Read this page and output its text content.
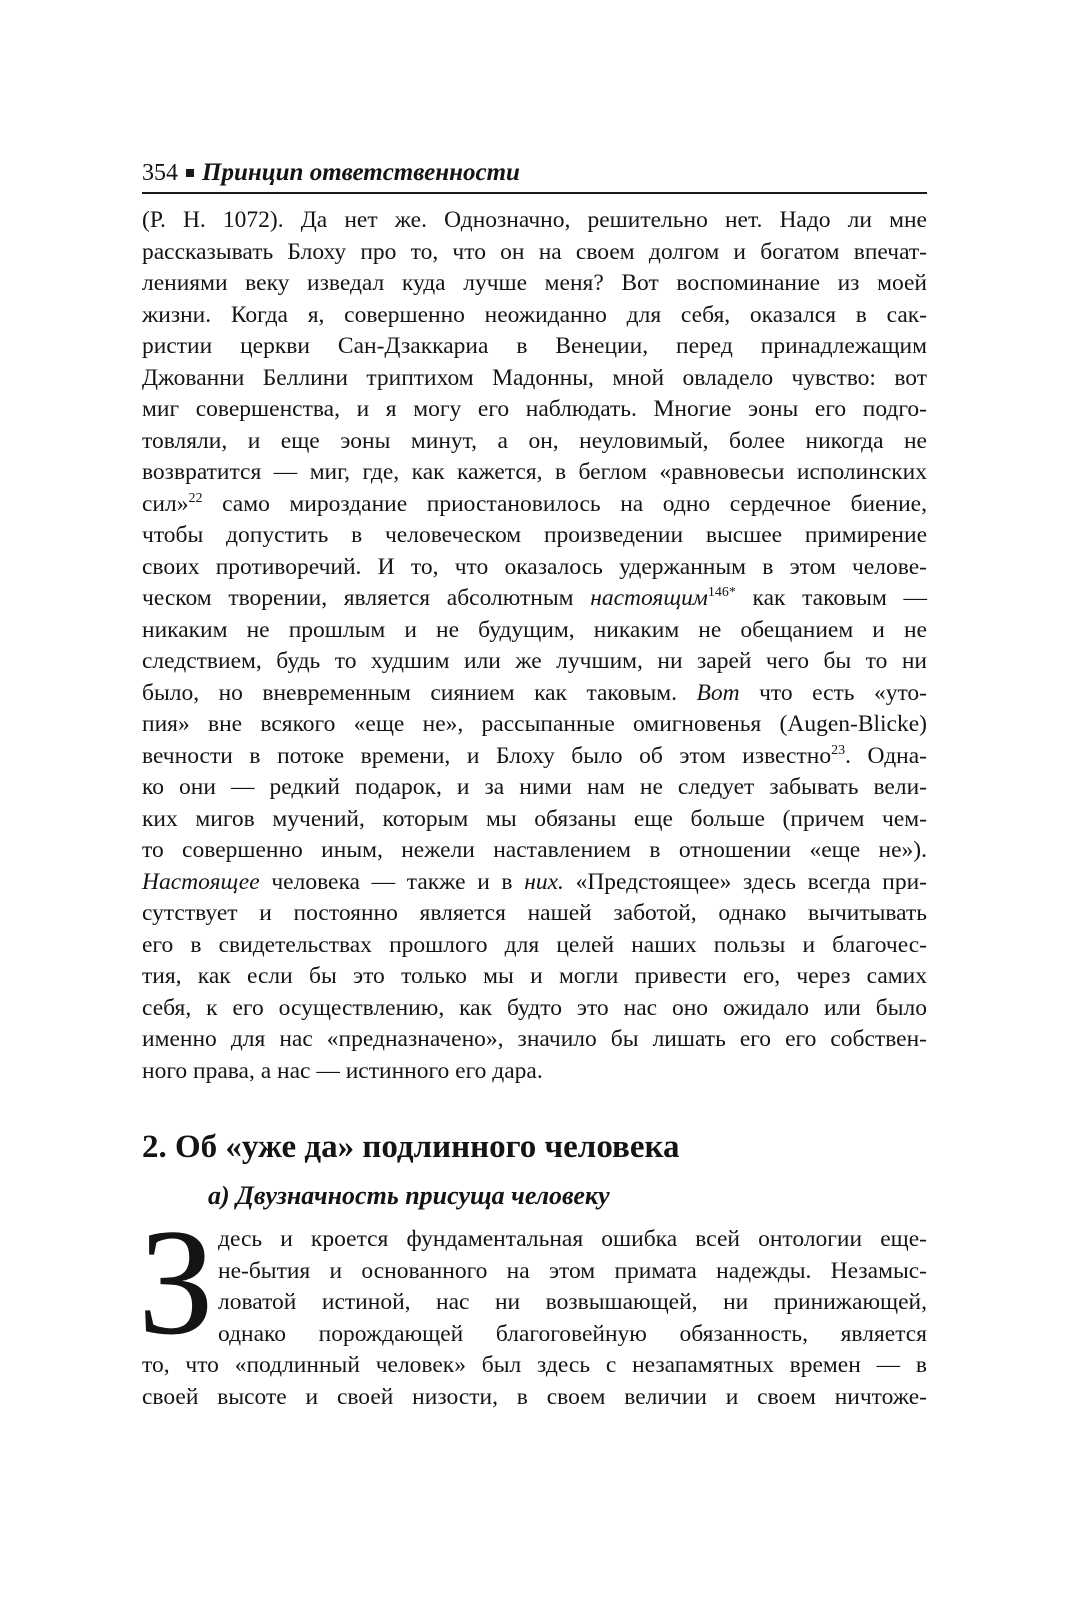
354 Принцип ответственности
(Р. Н. 1072). Да нет же. Однозначно, решительно нет. Надо ли мне
рассказывать Блоху про то, что он на своем долгом и богатом впечат-
лениями веку изведал куда лучше меня? Вот воспоминание из моей
жизни. Когда я, совершенно неожиданно для себя, оказался в сак-
ристии церкви Сан-Дзаккариа в Венеции, перед принадлежащим
Джованни Беллини триптихом Мадонны, мной овладело чувство: вот
миг совершенства, и я могу его наблюдать. Многие эоны его подго-
товляли, и еще эоны минут, а он, неуловимый, более никогда не
возвратится — миг, где, как кажется, в беглом «равновесьи исполинских
сил»$^{22}$ само мироздание приостановилось на одно сердечное биение,
чтобы допустить в человеческом произведении высшее примирение
своих противоречий. И то, что оказалось удержанным в этом челове-
ческом творении, является абсолютным настоящим$^{146*}$ как таковым —
никаким не прошлым и не будущим, никаким не обещанием и не
следствием, будь то худшим или же лучшим, ни зарей чего бы то ни
было, но вневременным сиянием как таковым. Вот что есть «уто-
пия» вне всякого «еще не», рассыпанные омигновенья (Augen-Blicke)
вечности в потоке времени, и Блоху было об этом известно$^{23}$. Одна-
ко они — редкий подарок, и за ними нам не следует забывать вели-
ких мигов мучений, которым мы обязаны еще больше (причем чем-
то совершенно иным, нежели наставлением в отношении «еще не»).
Настоящее человека — также и в них. «Предстоящее» здесь всегда при-
сутствует и постоянно является нашей заботой, однако вычитывать
его в свидетельствах прошлого для целей наших пользы и благочес-
тия, как если бы это только мы и могли привести его, через самих
себя, к его осуществлению, как будто это нас оно ожидало или было
именно для нас «предназначено», значило бы лишать его его собствен-
ного права, а нас — истинного его дара.
2. Об «уже да» подлинного человека
а) Двузначность присуща человеку
З десь и кроется фундаментальная ошибка всей онтологии еще-
не-бытия и основанного на этом примата надежды. Незамыс-
ловатой истиной, нас ни возвышающей, ни принижающей,
однако порождающей благоговейную обязанность, является
то, что «подлинный человек» был здесь с незапамятных времен — в
своей высоте и своей низости, в своем величии и своем ничтоже-
